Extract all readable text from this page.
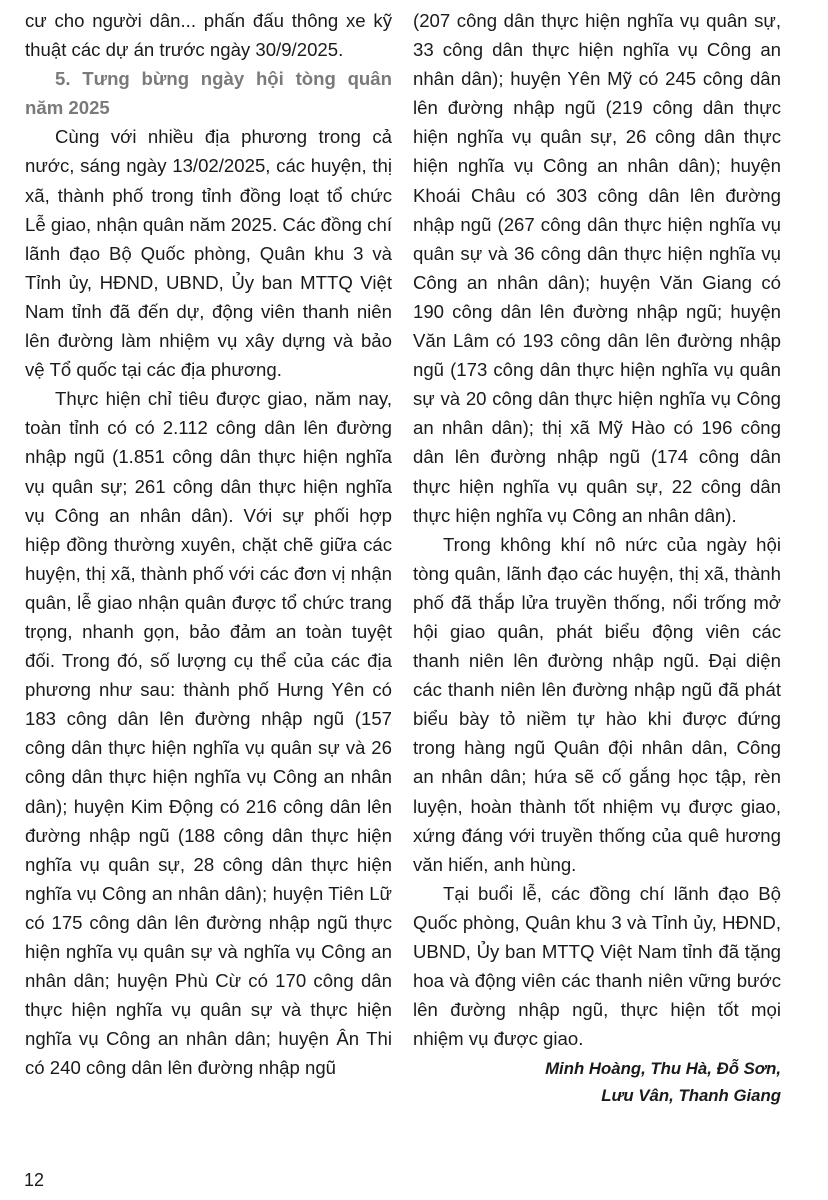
cư cho người dân... phấn đấu thông xe kỹ thuật các dự án trước ngày 30/9/2025.

5. Tưng bừng ngày hội tòng quân năm 2025

Cùng với nhiều địa phương trong cả nước, sáng ngày 13/02/2025, các huyện, thị xã, thành phố trong tỉnh đồng loạt tổ chức Lễ giao, nhận quân năm 2025. Các đồng chí lãnh đạo Bộ Quốc phòng, Quân khu 3 và Tỉnh ủy, HĐND, UBND, Ủy ban MTTQ Việt Nam tỉnh đã đến dự, động viên thanh niên lên đường làm nhiệm vụ xây dựng và bảo vệ Tổ quốc tại các địa phương.

Thực hiện chỉ tiêu được giao, năm nay, toàn tỉnh có có 2.112 công dân lên đường nhập ngũ (1.851 công dân thực hiện nghĩa vụ quân sự; 261 công dân thực hiện nghĩa vụ Công an nhân dân). Với sự phối hợp hiệp đồng thường xuyên, chặt chẽ giữa các huyện, thị xã, thành phố với các đơn vị nhận quân, lễ giao nhận quân được tổ chức trang trọng, nhanh gọn, bảo đảm an toàn tuyệt đối. Trong đó, số lượng cụ thể của các địa phương như sau: thành phố Hưng Yên có 183 công dân lên đường nhập ngũ (157 công dân thực hiện nghĩa vụ quân sự và 26 công dân thực hiện nghĩa vụ Công an nhân dân); huyện Kim Động có 216 công dân lên đường nhập ngũ (188 công dân thực hiện nghĩa vụ quân sự, 28 công dân thực hiện nghĩa vụ Công an nhân dân); huyện Tiên Lữ có 175 công dân lên đường nhập ngũ thực hiện nghĩa vụ quân sự và nghĩa vụ Công an nhân dân; huyện Phù Cừ có 170 công dân thực hiện nghĩa vụ quân sự và thực hiện nghĩa vụ Công an nhân dân; huyện Ân Thi có 240 công dân lên đường nhập ngũ

(207 công dân thực hiện nghĩa vụ quân sự, 33 công dân thực hiện nghĩa vụ Công an nhân dân); huyện Yên Mỹ có 245 công dân lên đường nhập ngũ (219 công dân thực hiện nghĩa vụ quân sự, 26 công dân thực hiện nghĩa vụ Công an nhân dân); huyện Khoái Châu có 303 công dân lên đường nhập ngũ (267 công dân thực hiện nghĩa vụ quân sự và 36 công dân thực hiện nghĩa vụ Công an nhân dân); huyện Văn Giang có 190 công dân lên đường nhập ngũ; huyện Văn Lâm có 193 công dân lên đường nhập ngũ (173 công dân thực hiện nghĩa vụ quân sự và 20 công dân thực hiện nghĩa vụ Công an nhân dân); thị xã Mỹ Hào có 196 công dân lên đường nhập ngũ (174 công dân thực hiện nghĩa vụ quân sự, 22 công dân thực hiện nghĩa vụ Công an nhân dân).

Trong không khí nô nức của ngày hội tòng quân, lãnh đạo các huyện, thị xã, thành phố đã thắp lửa truyền thống, nổi trống mở hội giao quân, phát biểu động viên các thanh niên lên đường nhập ngũ. Đại diện các thanh niên lên đường nhập ngũ đã phát biểu bày tỏ niềm tự hào khi được đứng trong hàng ngũ Quân đội nhân dân, Công an nhân dân; hứa sẽ cố gắng học tập, rèn luyện, hoàn thành tốt nhiệm vụ được giao, xứng đáng với truyền thống của quê hương văn hiến, anh hùng.

Tại buổi lễ, các đồng chí lãnh đạo Bộ Quốc phòng, Quân khu 3 và Tỉnh ủy, HĐND, UBND, Ủy ban MTTQ Việt Nam tỉnh đã tặng hoa và động viên các thanh niên vững bước lên đường nhập ngũ, thực hiện tốt mọi nhiệm vụ được giao.

Minh Hoàng, Thu Hà, Đỗ Sơn,
Lưu Vân, Thanh Giang
12
